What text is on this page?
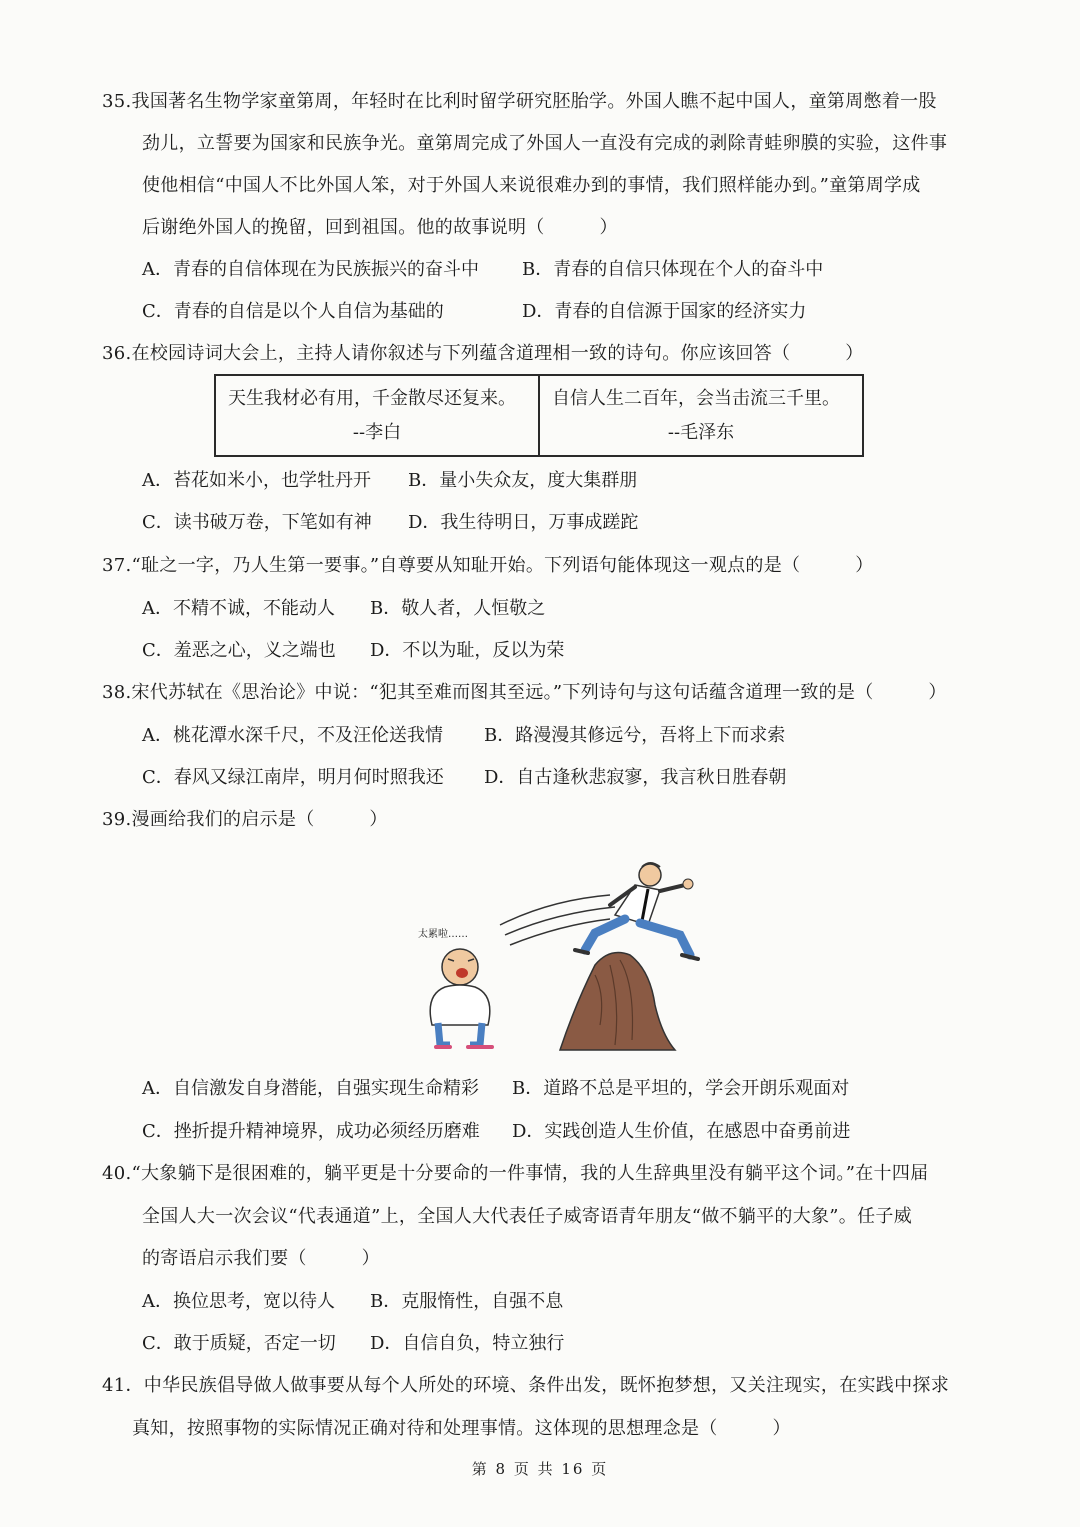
35.我国著名生物学家童第周，年轻时在比利时留学研究胚胎学。外国人瞧不起中国人，童第周憋着一股
劲儿，立誓要为国家和民族争光。童第周完成了外国人一直没有完成的剥除青蛙卵膜的实验，这件事
使他相信“中国人不比外国人笨，对于外国人来说很难办到的事情，我们照样能办到。”童第周学成
后谢绝外国人的挽留，回到祖国。他的故事说明（　　　）
A．青春的自信体现在为民族振兴的奋斗中 B．青春的自信只体现在个人的奋斗中
C．青春的自信是以个人自信为基础的	D．青春的自信源于国家的经济实力
36.在校园诗词大会上，主持人请你叙述与下列蕴含道理相一致的诗句。你应该回答（　　　）
天生我材必有用，千金散尽还复来。
--李白
自信人生二百年，会当击流三千里。
--毛泽东
A．苔花如米小，也学牡丹开 B．量小失众友，度大集群朋
C．读书破万卷，下笔如有神 D．我生待明日，万事成蹉跎
37.“耻之一字，乃人生第一要事。”自尊要从知耻开始。下列语句能体现这一观点的是（　　　）
A．不精不诚，不能动人 B．敬人者，人恒敬之
C．羞恶之心，义之端也 D．不以为耻，反以为荣
38.宋代苏轼在《思治论》中说：“犯其至难而图其至远。”下列诗句与这句话蕴含道理一致的是（　　　）
A．桃花潭水深千尺，不及汪伦送我情 B．路漫漫其修远兮，吾将上下而求索
C．春风又绿江南岸，明月何时照我还 D．自古逢秋悲寂寥，我言秋日胜春朝
39.漫画给我们的启示是（　　　）
太累啦……
A．自信激发自身潜能，自强实现生命精彩 B．道路不总是平坦的，学会开朗乐观面对
C．挫折提升精神境界，成功必须经历磨难 D．实践创造人生价值，在感恩中奋勇前进
40.“大象躺下是很困难的，躺平更是十分要命的一件事情，我的人生辞典里没有躺平这个词。”在十四届
全国人大一次会议“代表通道”上，全国人大代表任子威寄语青年朋友“做不躺平的大象”。任子威
的寄语启示我们要（　　　）
A．换位思考，宽以待人 B．克服惰性，自强不息
C．敢于质疑，否定一切 D．自信自负，特立独行
41．中华民族倡导做人做事要从每个人所处的环境、条件出发，既怀抱梦想，又关注现实，在实践中探求
真知，按照事物的实际情况正确对待和处理事情。这体现的思想理念是（　　　）
第 8 页 共 16 页
